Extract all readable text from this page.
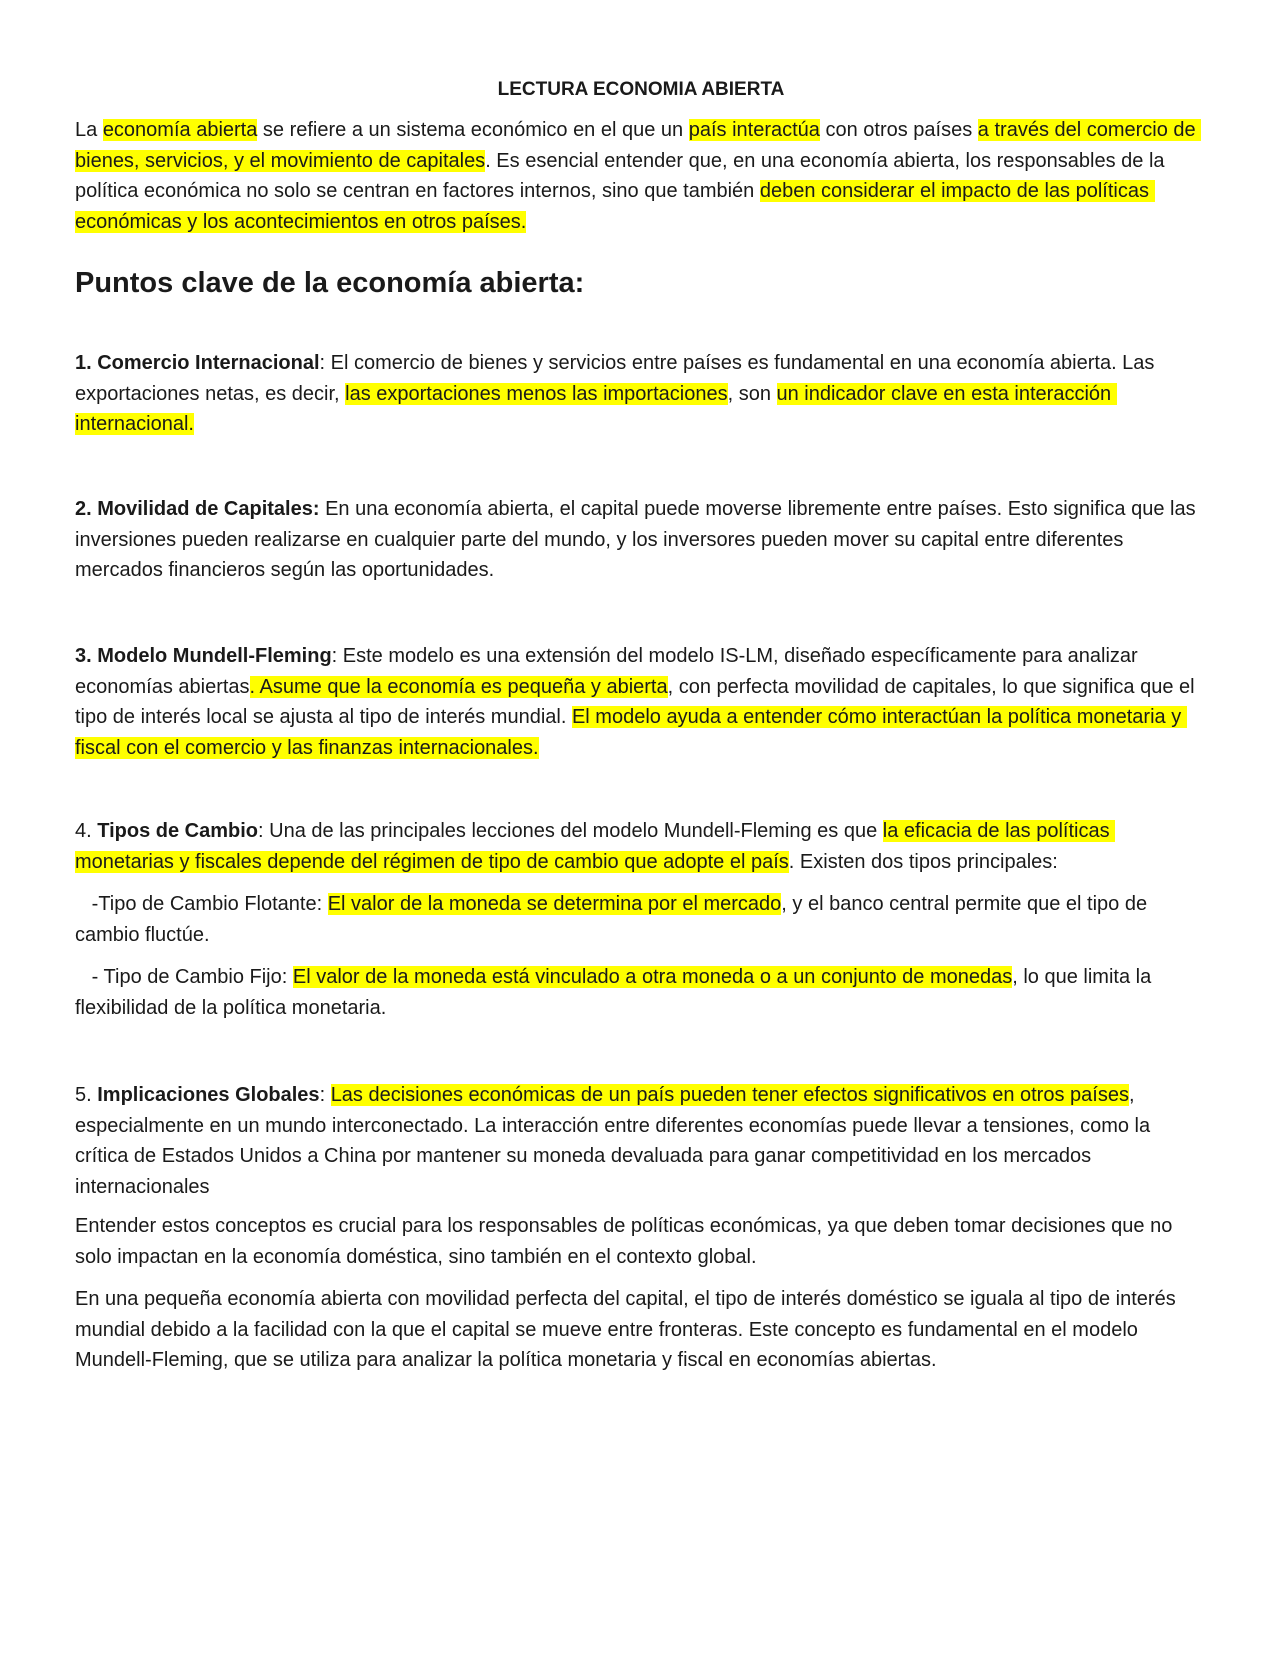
LECTURA ECONOMIA ABIERTA

La economía abierta se refiere a un sistema económico en el que un país interactúa con otros países a través del comercio de bienes, servicios, y el movimiento de capitales. Es esencial entender que, en una economía abierta, los responsables de la política económica no solo se centran en factores internos, sino que también deben considerar el impacto de las políticas económicas y los acontecimientos en otros países.

Puntos clave de la economía abierta:

1. Comercio Internacional: El comercio de bienes y servicios entre países es fundamental en una economía abierta. Las exportaciones netas, es decir, las exportaciones menos las importaciones, son un indicador clave en esta interacción internacional.

2. Movilidad de Capitales: En una economía abierta, el capital puede moverse libremente entre países. Esto significa que las inversiones pueden realizarse en cualquier parte del mundo, y los inversores pueden mover su capital entre diferentes mercados financieros según las oportunidades.

3. Modelo Mundell-Fleming: Este modelo es una extensión del modelo IS-LM, diseñado específicamente para analizar economías abiertas. Asume que la economía es pequeña y abierta, con perfecta movilidad de capitales, lo que significa que el tipo de interés local se ajusta al tipo de interés mundial. El modelo ayuda a entender cómo interactúan la política monetaria y fiscal con el comercio y las finanzas internacionales.

4. Tipos de Cambio: Una de las principales lecciones del modelo Mundell-Fleming es que la eficacia de las políticas monetarias y fiscales depende del régimen de tipo de cambio que adopte el país. Existen dos tipos principales:

-Tipo de Cambio Flotante: El valor de la moneda se determina por el mercado, y el banco central permite que el tipo de cambio fluctúe.

- Tipo de Cambio Fijo: El valor de la moneda está vinculado a otra moneda o a un conjunto de monedas, lo que limita la flexibilidad de la política monetaria.

5. Implicaciones Globales: Las decisiones económicas de un país pueden tener efectos significativos en otros países, especialmente en un mundo interconectado. La interacción entre diferentes economías puede llevar a tensiones, como la crítica de Estados Unidos a China por mantener su moneda devaluada para ganar competitividad en los mercados internacionales

Entender estos conceptos es crucial para los responsables de políticas económicas, ya que deben tomar decisiones que no solo impactan en la economía doméstica, sino también en el contexto global.

En una pequeña economía abierta con movilidad perfecta del capital, el tipo de interés doméstico se iguala al tipo de interés mundial debido a la facilidad con la que el capital se mueve entre fronteras. Este concepto es fundamental en el modelo Mundell-Fleming, que se utiliza para analizar la política monetaria y fiscal en economías abiertas.
